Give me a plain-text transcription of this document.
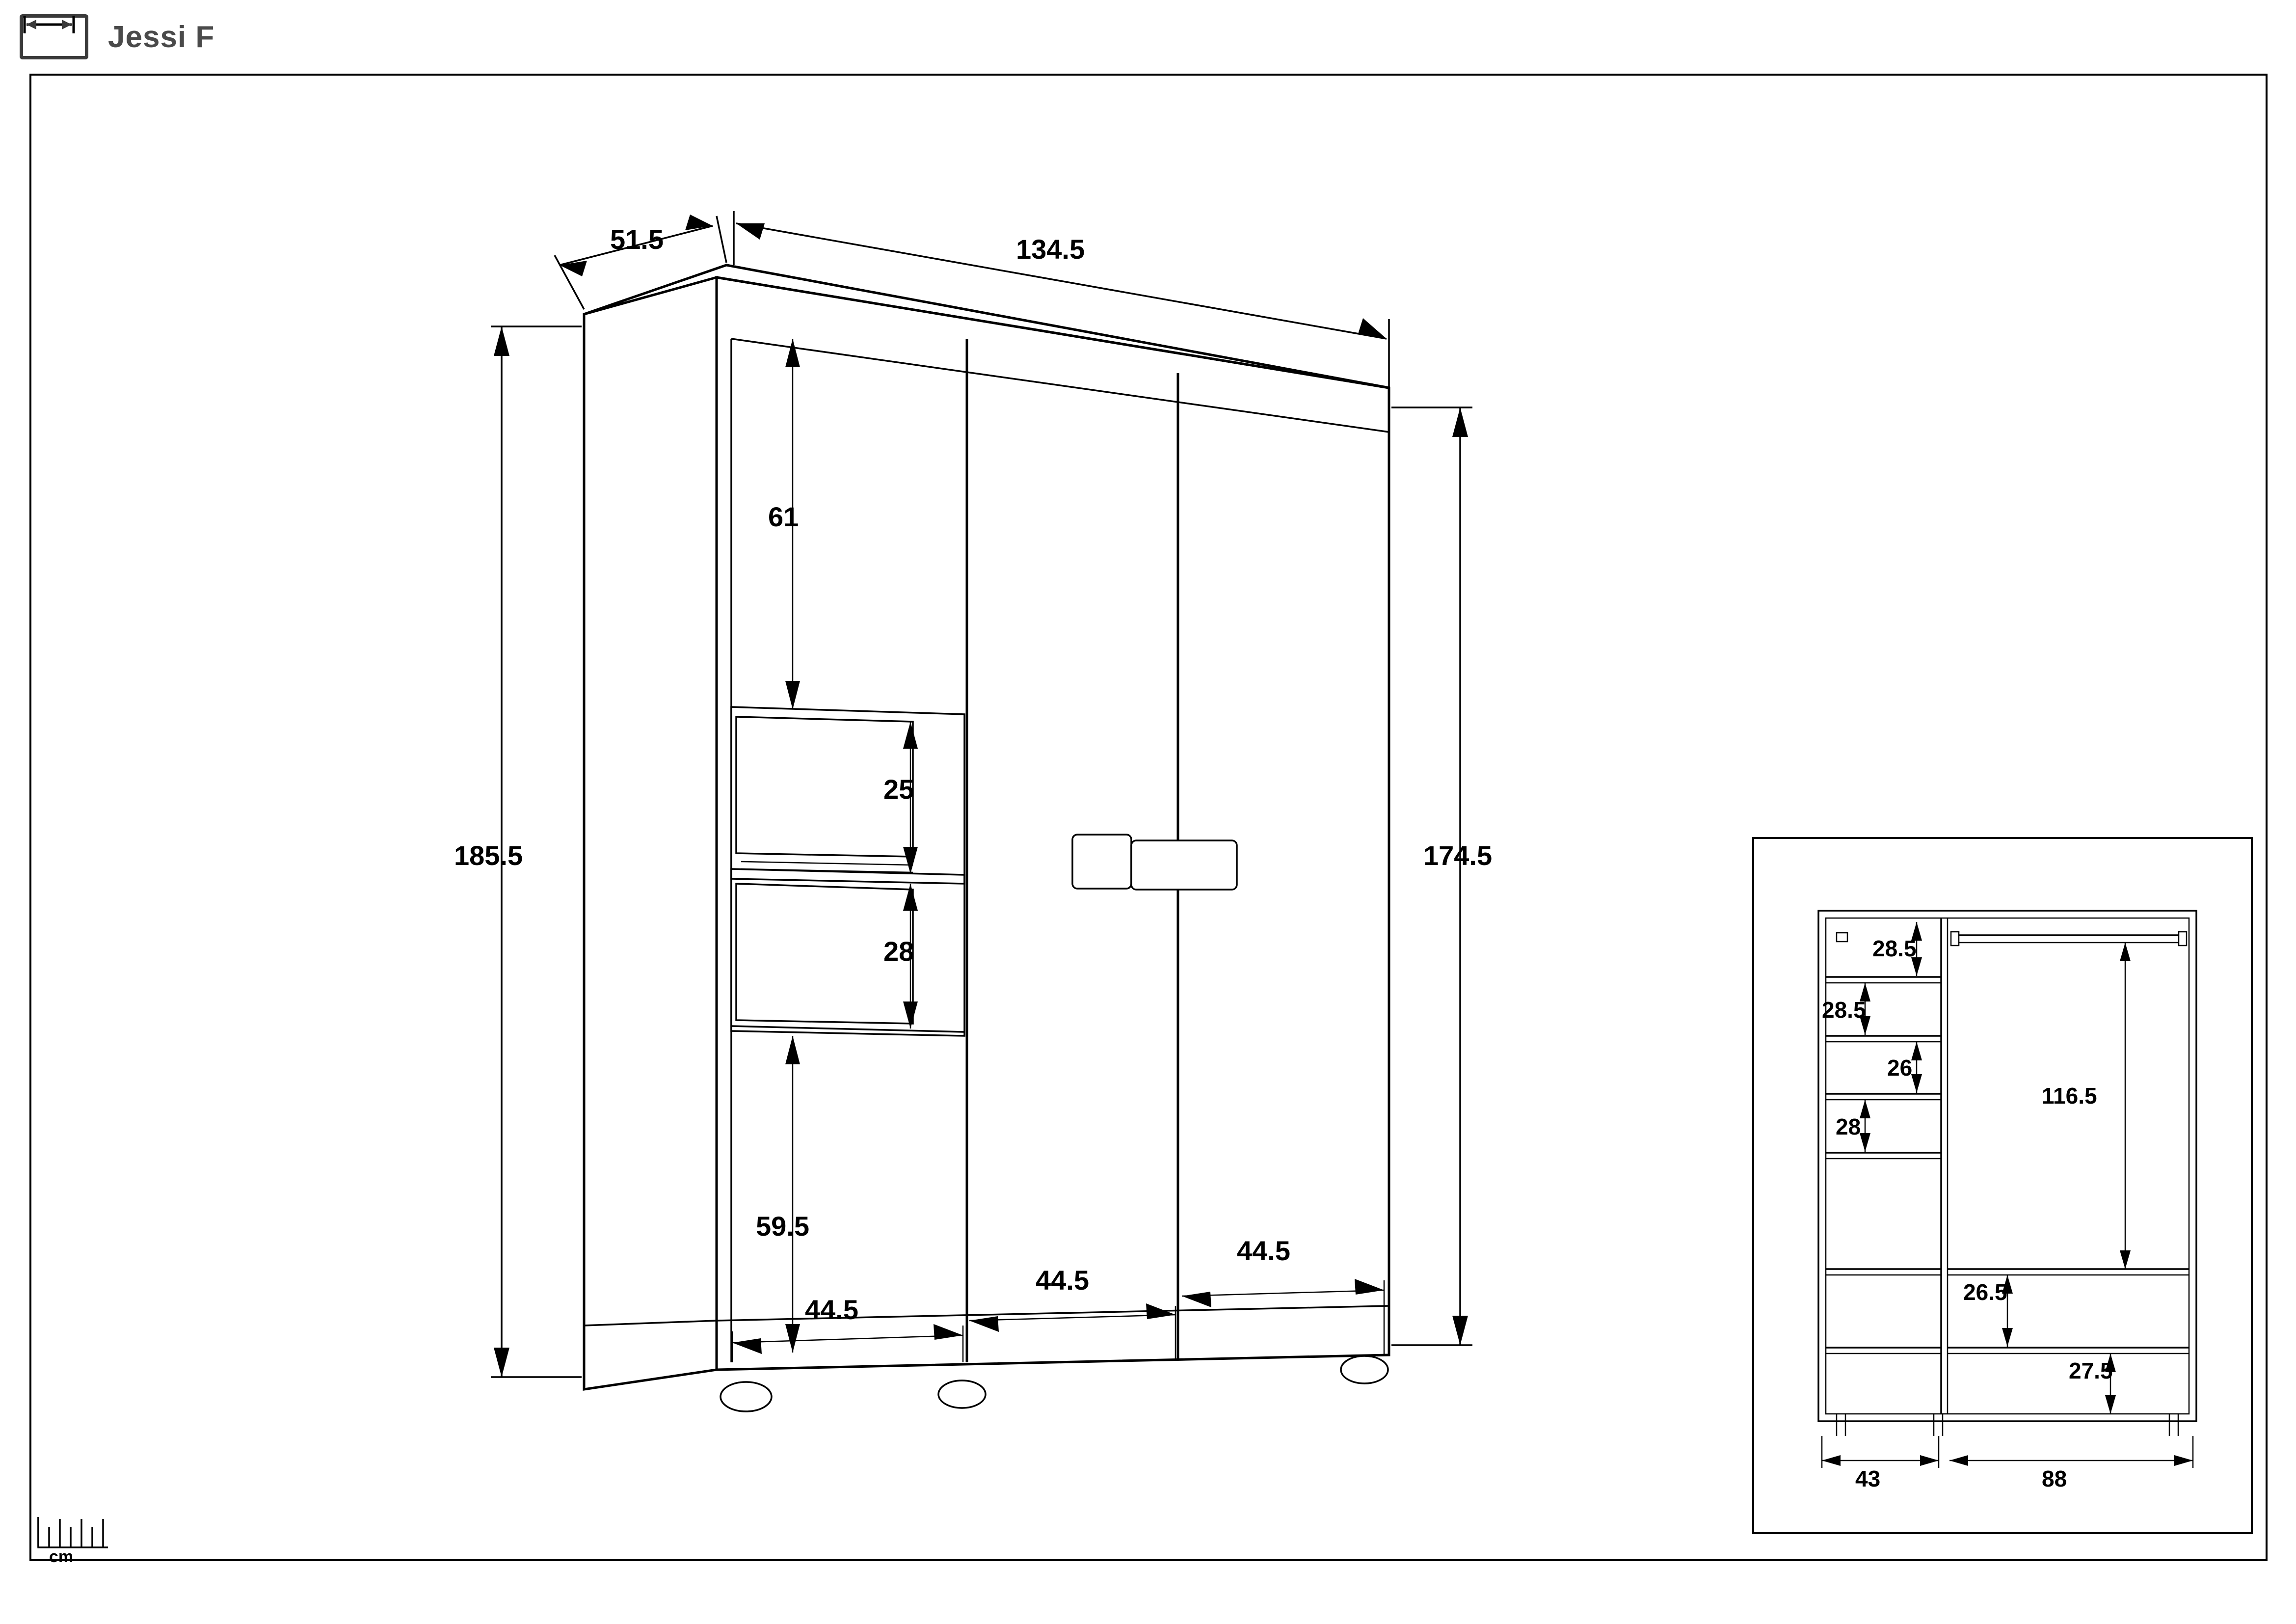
Jessi F
cm
51.5	134.5
185.5	174.5
61
25
28
59.5
44.5
44.5
44.5
28.5
28.5
26
28
116.5
26.5
27.5
43	88
